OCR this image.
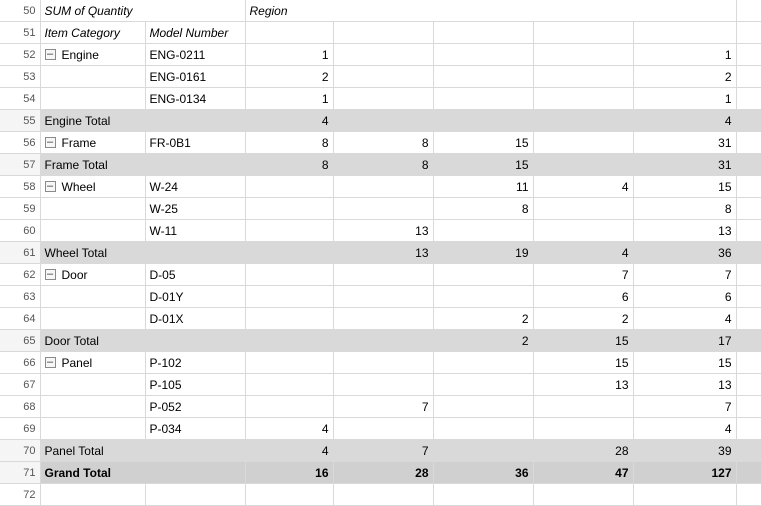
50	SUM of Quantity		Region					
51	Item Category	Model Number	North	East	South	West	Grand Total	
52	– Engine	ENG-0211	1				1	
53		ENG-0161	2				2	
54		ENG-0134	1				1	
55	Engine Total		4				4	
56	– Frame	FR-0B1	8	8	15		31	
57	Frame Total		8	8	15		31	
58	– Wheel	W-24			11	4	15	
59		W-25			8		8	
60		W-11		13			13	
61	Wheel Total			13	19	4	36	
62	– Door	D-05				7	7	
63		D-01Y				6	6	
64		D-01X			2	2	4	
65	Door Total				2	15	17	
66	– Panel	P-102				15	15	
67		P-105				13	13	
68		P-052		7			7	
69		P-034	4				4	
70	Panel Total		4	7		28	39	
71	Grand Total		16	28	36	47	127	
72								
